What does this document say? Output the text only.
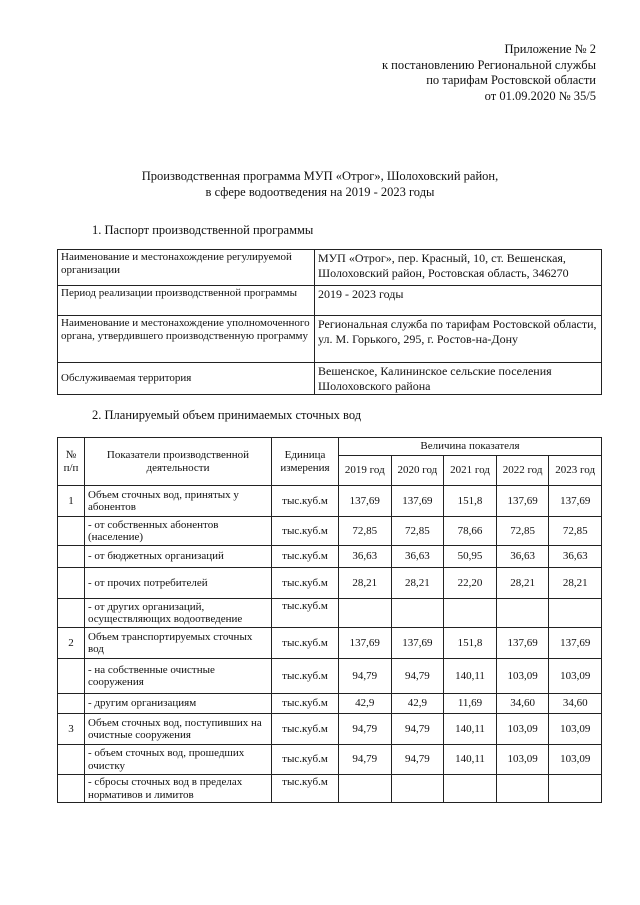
Приложение № 2
к постановлению Региональной службы
по тарифам Ростовской области
от 01.09.2020 № 35/5
Производственная программа МУП «Отрог», Шолоховский район,
в сфере водоотведения на 2019 - 2023 годы
1. Паспорт производственной программы
Наименование и местонахождение регулируемой организации	МУП «Отрог», пер. Красный, 10, ст. Вешенская, Шолоховский район, Ростовская область, 346270
Период реализации производственной программы	2019 - 2023 годы
Наименование и местонахождение уполномоченного органа, утвердившего производственную программу	Региональная служба по тарифам Ростовской области, ул. М. Горького, 295, г. Ростов-на-Дону
Обслуживаемая территория	Вешенское, Калининское сельские поселения Шолоховского района
2. Планируемый объем принимаемых сточных вод
№ п/п	Показатели производственной деятельности	Единица измерения	Величина показателя				
			2019 год	2020 год	2021 год	2022 год	2023 год
1	Объем сточных вод, принятых у абонентов	тыс.куб.м	137,69	137,69	151,8	137,69	137,69
	- от собственных абонентов (население)	тыс.куб.м	72,85	72,85	78,66	72,85	72,85
	- от бюджетных организаций	тыс.куб.м	36,63	36,63	50,95	36,63	36,63
	- от прочих потребителей	тыс.куб.м	28,21	28,21	22,20	28,21	28,21
	- от других организаций, осуществляющих водоотведение	тыс.куб.м					
2	Объем транспортируемых сточных вод	тыс.куб.м	137,69	137,69	151,8	137,69	137,69
	- на собственные очистные сооружения	тыс.куб.м	94,79	94,79	140,11	103,09	103,09
	- другим организациям	тыс.куб.м	42,9	42,9	11,69	34,60	34,60
3	Объем сточных вод, поступивших на очистные сооружения	тыс.куб.м	94,79	94,79	140,11	103,09	103,09
	- объем сточных вод, прошедших очистку	тыс.куб.м	94,79	94,79	140,11	103,09	103,09
	- сбросы сточных вод в пределах нормативов и лимитов	тыс.куб.м					
